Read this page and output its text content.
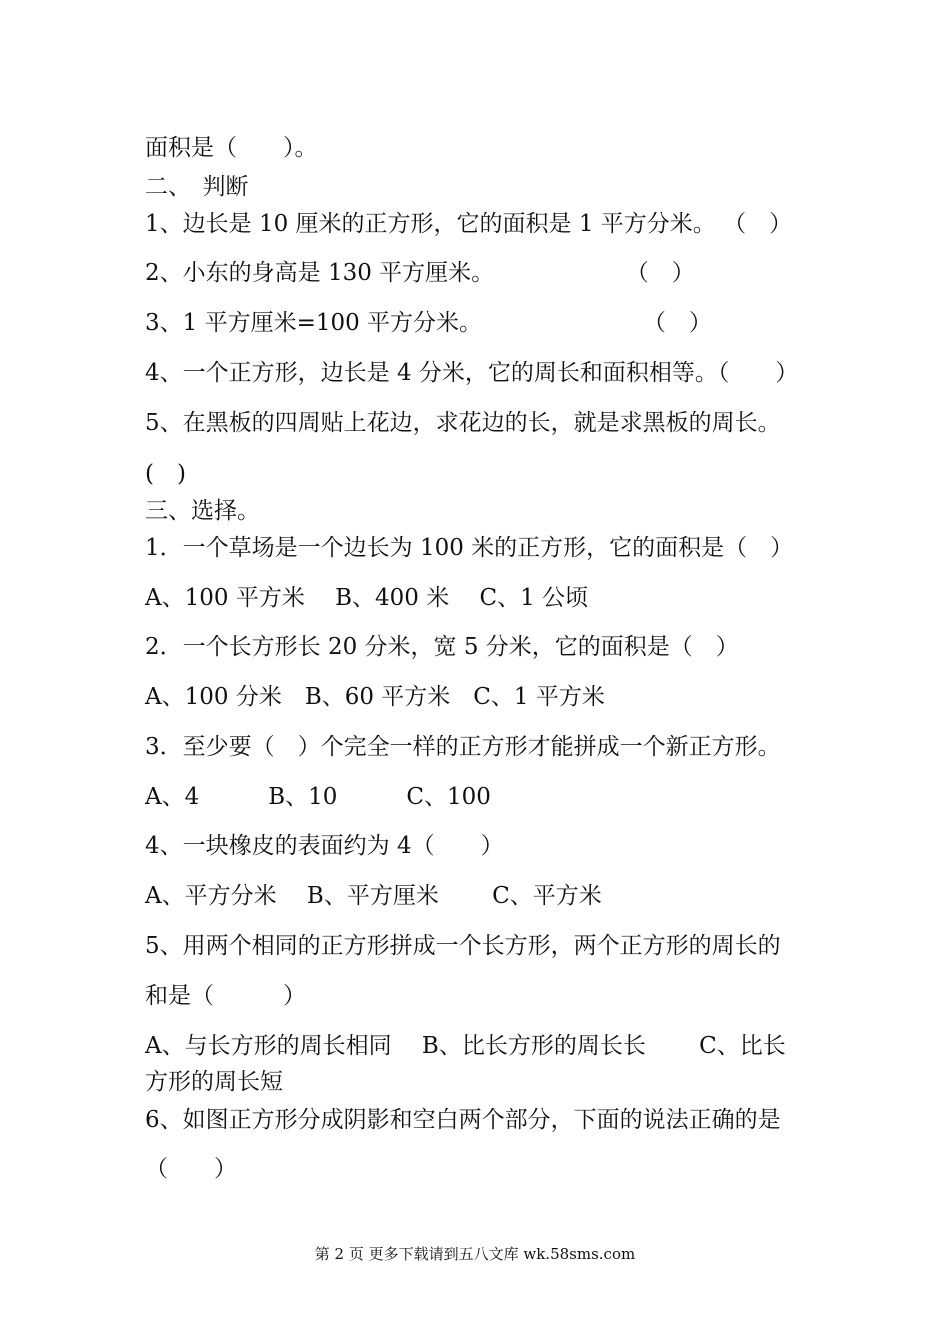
面积是（　　）。

二、　判断

1、边长是 10 厘米的正方形，它的面积是 1 平方分米。 （　）

2、小东的身高是 130 平方厘米。                  （　）

3、1 平方厘米=100 平方分米。                      （　）

4、一个正方形，边长是 4 分米，它的周长和面积相等。（　　）

5、在黑板的四周贴上花边，求花边的长，就是求黑板的周长。

(　)

三、选择。

1．一个草场是一个边长为 100 米的正方形，它的面积是（　）

A、100 平方米　 B、400 米　 C、1 公顷

2．一个长方形长 20 分米，宽 5 分米，它的面积是（　）

A、100 分米　B、60 平方米　C、1 平方米

3．至少要（　）个完全一样的正方形才能拼成一个新正方形。

A、4　　　B、10　　　C、100

4、一块橡皮的表面约为 4（　　）

A、平方分米　 B、平方厘米　　 C、平方米

5、用两个相同的正方形拼成一个长方形，两个正方形的周长的

和是（　　　）

A、与长方形的周长相同　 B、比长方形的周长长　　 C、比长

方形的周长短

6、如图正方形分成阴影和空白两个部分，下面的说法正确的是

（　　）

第 2 页 更多下载请到五八文库 wk.58sms.com
